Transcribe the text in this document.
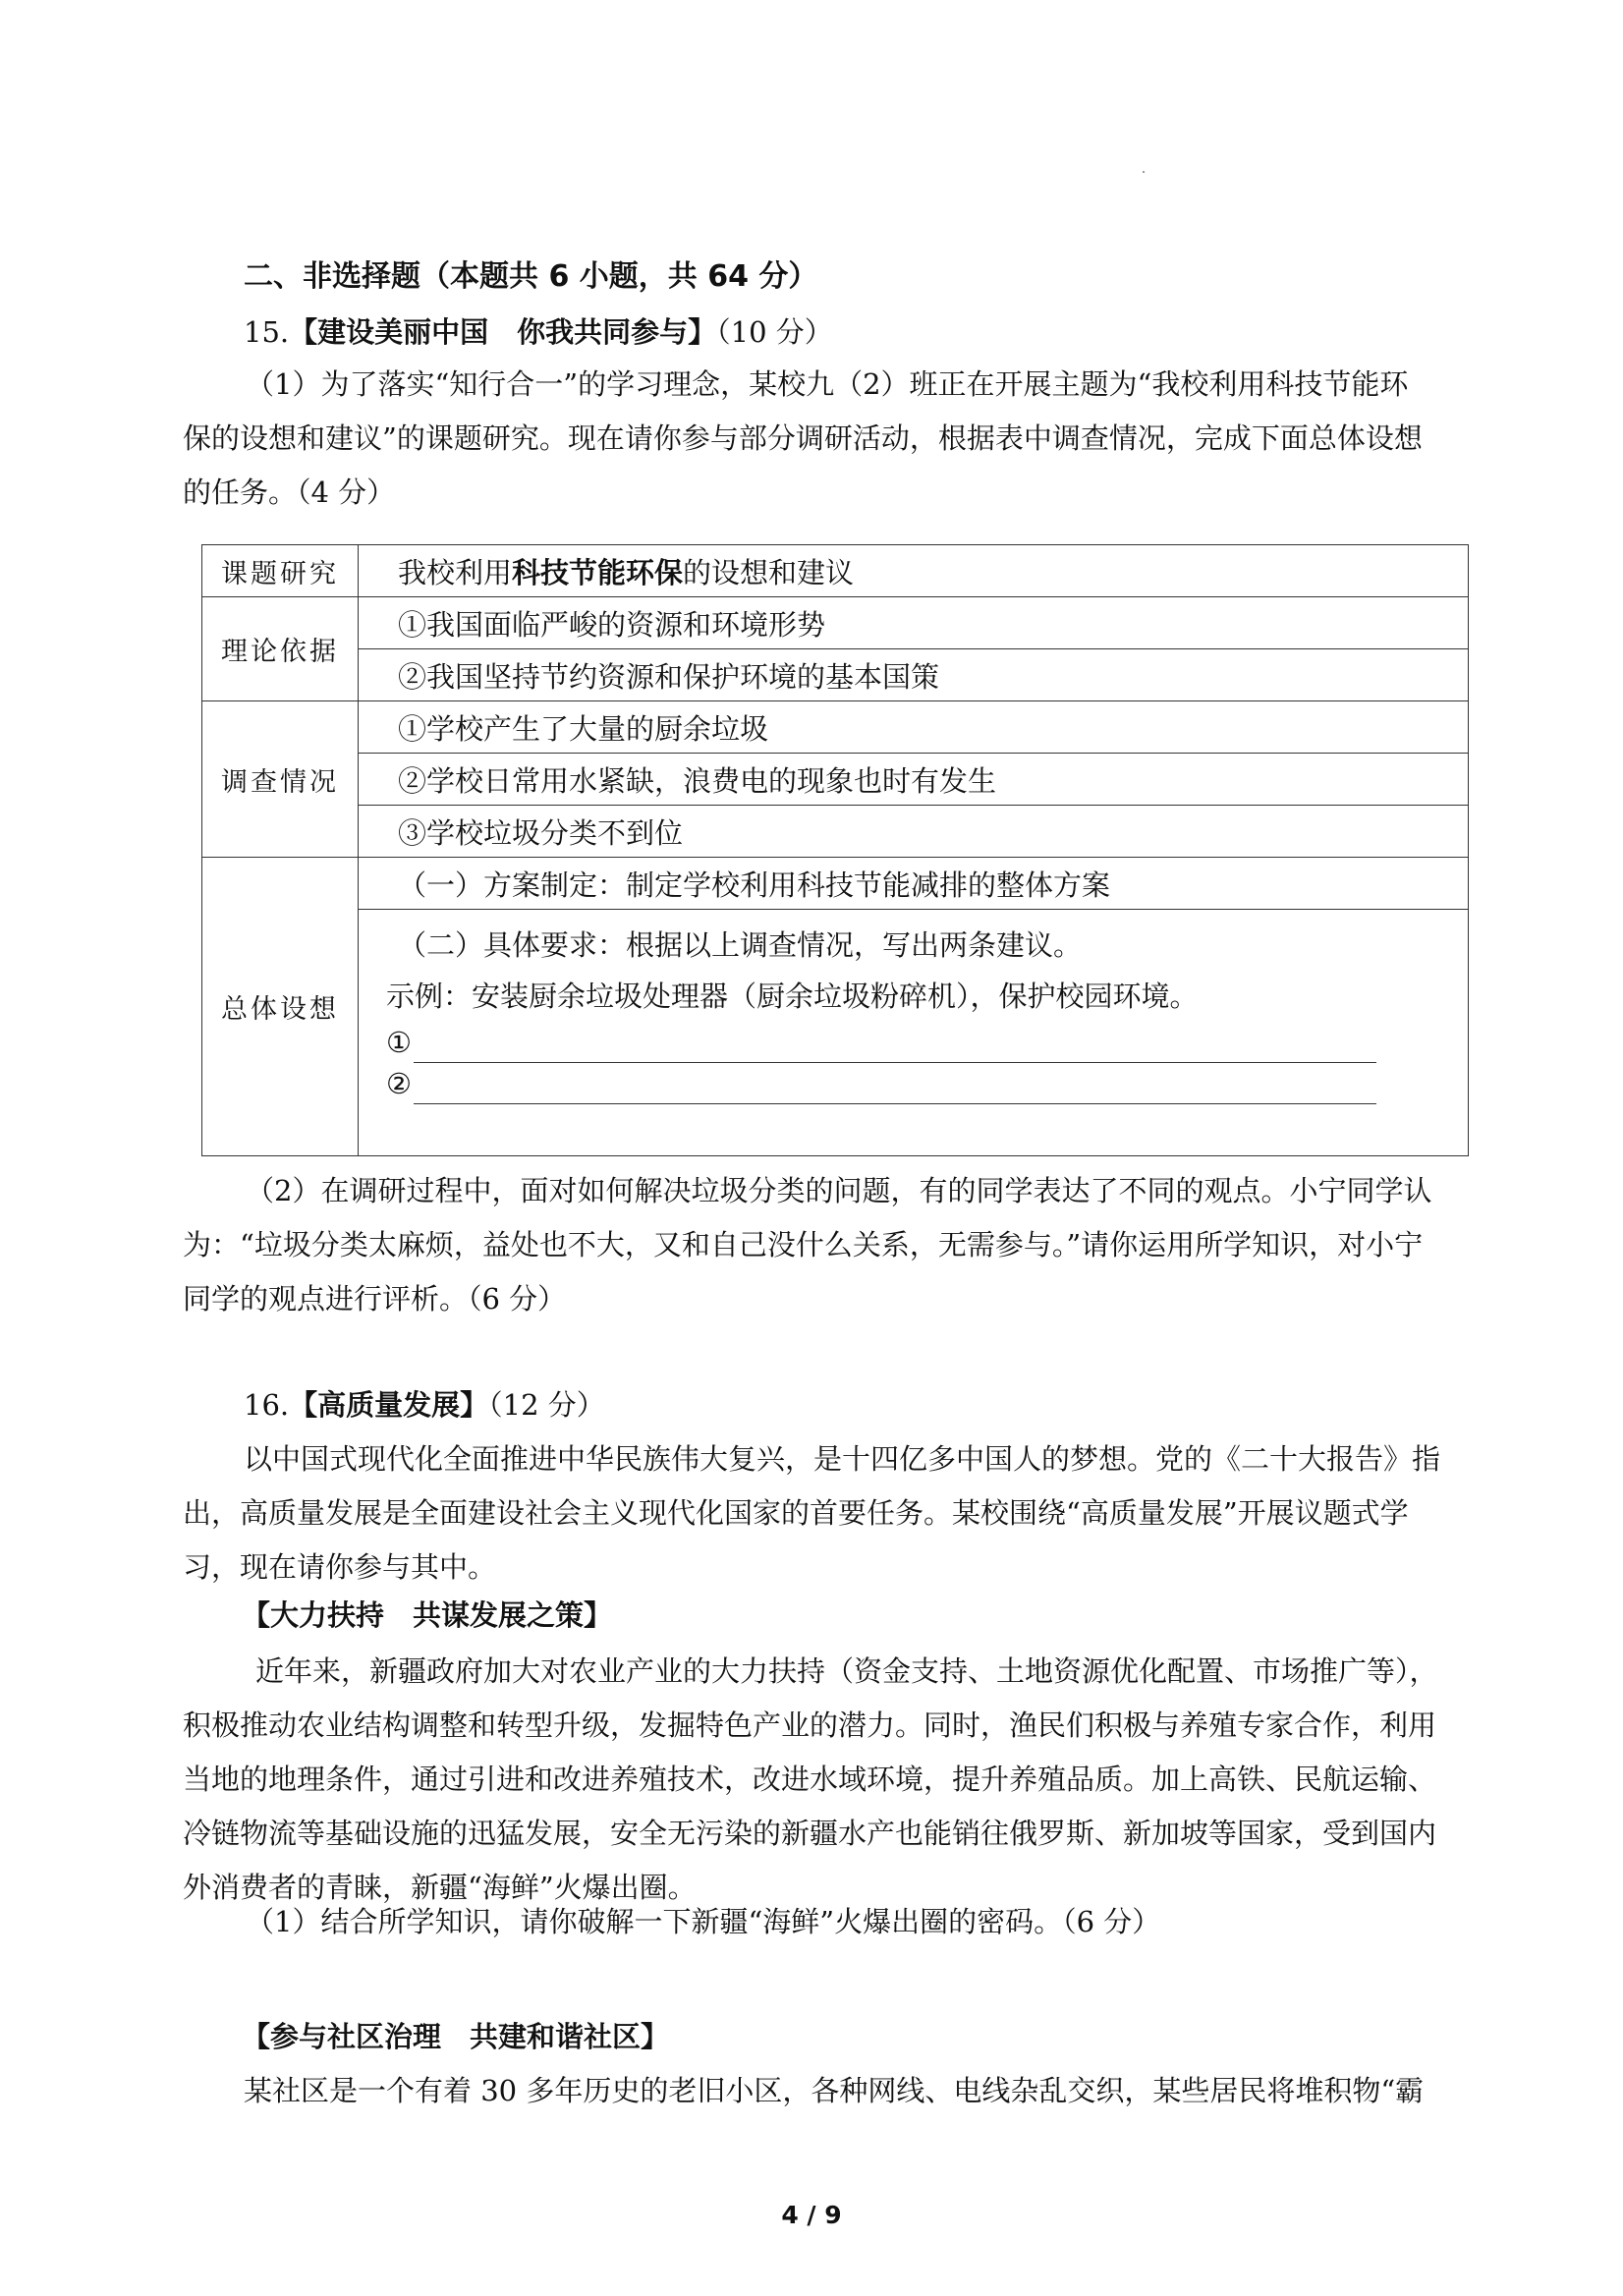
二、非选择题（本题共 6 小题，共 64 分）
15.【建设美丽中国　你我共同参与】（10 分）

（1）为了落实“知行合一”的学习理念，某校九（2）班正在开展主题为“我校利用科技节能环

保的设想和建议”的课题研究。现在请你参与部分调研活动，根据表中调查情况，完成下面总体设想

的任务。（4 分）

课题研究	我校利用科技节能环保的设想和建议
理论依据	①我国面临严峻的资源和环境形势
	②我国坚持节约资源和保护环境的基本国策
调查情况	①学校产生了大量的厨余垃圾
	②学校日常用水紧缺，浪费电的现象也时有发生
	③学校垃圾分类不到位
总体设想	（一）方案制定：制定学校利用科技节能减排的整体方案

	（二）具体要求：根据以上调查情况，写出两条建议。
示例：安装厨余垃圾处理器（厨余垃圾粉碎机），保护校园环境。
①
②

（2）在调研过程中，面对如何解决垃圾分类的问题，有的同学表达了不同的观点。小宁同学认

为：“垃圾分类太麻烦，益处也不大，又和自己没什么关系，无需参与。”请你运用所学知识，对小宁

同学的观点进行评析。（6 分）

16.【高质量发展】（12 分）

以中国式现代化全面推进中华民族伟大复兴，是十四亿多中国人的梦想。党的《二十大报告》指

出，高质量发展是全面建设社会主义现代化国家的首要任务。某校围绕“高质量发展”开展议题式学

习，现在请你参与其中。

【大力扶持　共谋发展之策】

近年来，新疆政府加大对农业产业的大力扶持（资金支持、土地资源优化配置、市场推广等），

积极推动农业结构调整和转型升级，发掘特色产业的潜力。同时，渔民们积极与养殖专家合作，利用

当地的地理条件，通过引进和改进养殖技术，改进水域环境，提升养殖品质。加上高铁、民航运输、

冷链物流等基础设施的迅猛发展，安全无污染的新疆水产也能销往俄罗斯、新加坡等国家，受到国内

外消费者的青睐，新疆“海鲜”火爆出圈。

（1）结合所学知识，请你破解一下新疆“海鲜”火爆出圈的密码。（6 分）
【参与社区治理　共建和谐社区】
某社区是一个有着 30 多年历史的老旧小区，各种网线、电线杂乱交织，某些居民将堆积物“霸
4 / 9
